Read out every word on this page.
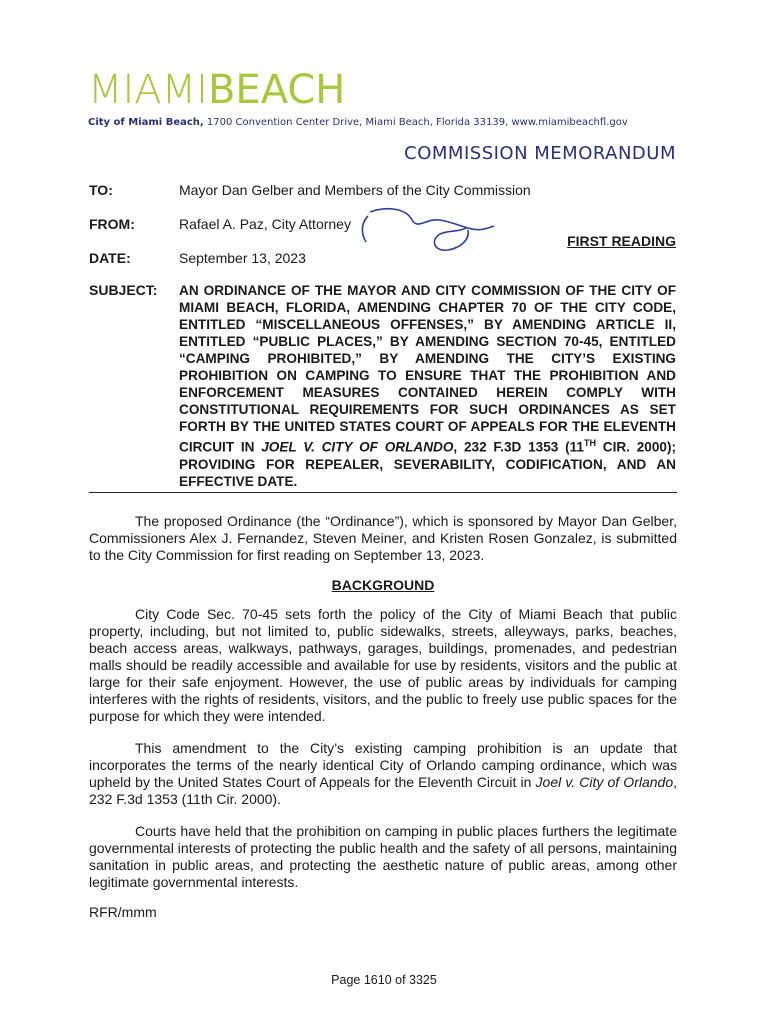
MIAMIBEACH
City of Miami Beach, 1700 Convention Center Drive, Miami Beach, Florida 33139, www.miamibeachfl.gov
COMMISSION MEMORANDUM
TO:	Mayor Dan Gelber and Members of the City Commission
FROM:	Rafael A. Paz, City Attorney
FIRST READING
DATE:	September 13, 2023
SUBJECT: AN ORDINANCE OF THE MAYOR AND CITY COMMISSION OF THE CITY OF MIAMI BEACH, FLORIDA, AMENDING CHAPTER 70 OF THE CITY CODE, ENTITLED “MISCELLANEOUS OFFENSES,” BY AMENDING ARTICLE II, ENTITLED “PUBLIC PLACES,” BY AMENDING SECTION 70-45, ENTITLED “CAMPING PROHIBITED,” BY AMENDING THE CITY’S EXISTING PROHIBITION ON CAMPING TO ENSURE THAT THE PROHIBITION AND ENFORCEMENT MEASURES CONTAINED HEREIN COMPLY WITH CONSTITUTIONAL REQUIREMENTS FOR SUCH ORDINANCES AS SET FORTH BY THE UNITED STATES COURT OF APPEALS FOR THE ELEVENTH CIRCUIT IN JOEL V. CITY OF ORLANDO, 232 F.3D 1353 (11TH CIR. 2000); PROVIDING FOR REPEALER, SEVERABILITY, CODIFICATION, AND AN EFFECTIVE DATE.
The proposed Ordinance (the “Ordinance”), which is sponsored by Mayor Dan Gelber, Commissioners Alex J. Fernandez, Steven Meiner, and Kristen Rosen Gonzalez, is submitted to the City Commission for first reading on September 13, 2023.
BACKGROUND
City Code Sec. 70-45 sets forth the policy of the City of Miami Beach that public property, including, but not limited to, public sidewalks, streets, alleyways, parks, beaches, beach access areas, walkways, pathways, garages, buildings, promenades, and pedestrian malls should be readily accessible and available for use by residents, visitors and the public at large for their safe enjoyment. However, the use of public areas by individuals for camping interferes with the rights of residents, visitors, and the public to freely use public spaces for the purpose for which they were intended.
This amendment to the City’s existing camping prohibition is an update that incorporates the terms of the nearly identical City of Orlando camping ordinance, which was upheld by the United States Court of Appeals for the Eleventh Circuit in Joel v. City of Orlando, 232 F.3d 1353 (11th Cir. 2000).
Courts have held that the prohibition on camping in public places furthers the legitimate governmental interests of protecting the public health and the safety of all persons, maintaining sanitation in public areas, and protecting the aesthetic nature of public areas, among other legitimate governmental interests.
RFR/mmm
Page 1610 of 3325
